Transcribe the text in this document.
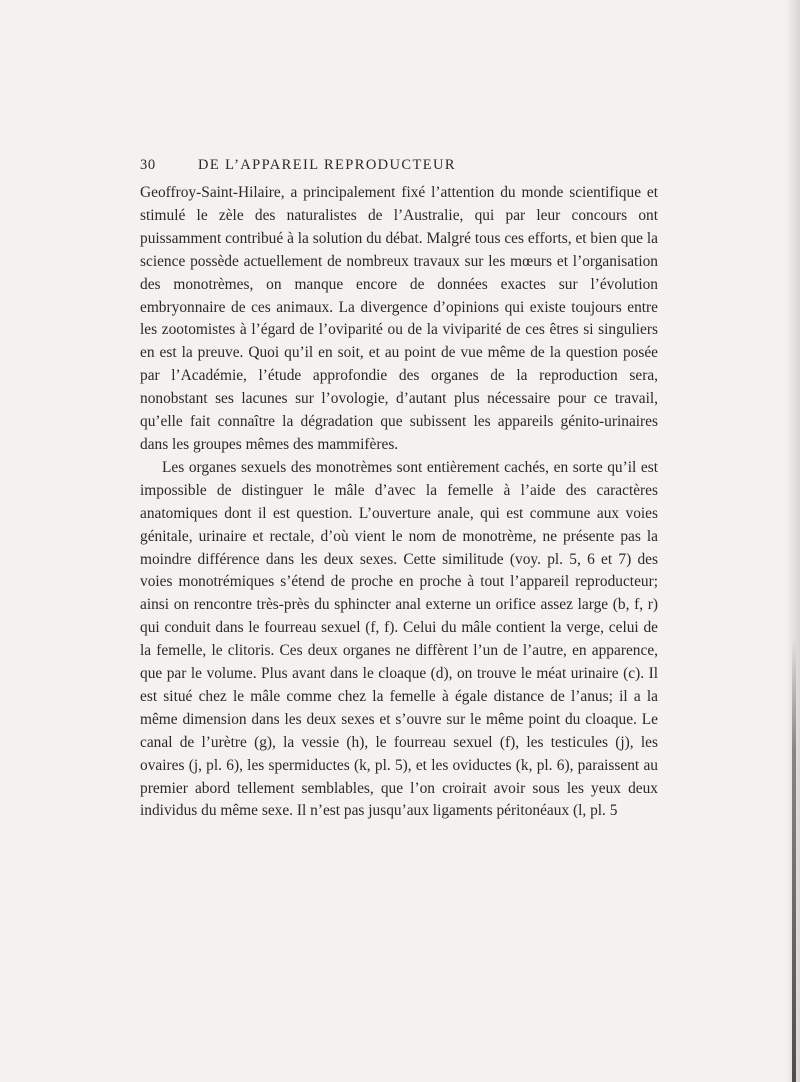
30	DE L’APPAREIL REPRODUCTEUR

Geoffroy-Saint-Hilaire, a principalement fixé l’attention du monde scientifique et stimulé le zèle des naturalistes de l’Australie, qui par leur concours ont puissamment contribué à la solution du débat. Malgré tous ces efforts, et bien que la science possède actuellement de nombreux travaux sur les mœurs et l’organisation des monotrèmes, on manque encore de données exactes sur l’évolution embryonnaire de ces animaux. La divergence d’opinions qui existe toujours entre les zootomistes à l’égard de l’oviparité ou de la viviparité de ces êtres si singuliers en est la preuve. Quoi qu’il en soit, et au point de vue même de la question posée par l’Académie, l’étude approfondie des organes de la reproduction sera, nonobstant ses lacunes sur l’ovologie, d’autant plus nécessaire pour ce travail, qu’elle fait connaître la dégradation que subissent les appareils génito-urinaires dans les groupes mêmes des mammifères.

Les organes sexuels des monotrèmes sont entièrement cachés, en sorte qu’il est impossible de distinguer le mâle d’avec la femelle à l’aide des caractères anatomiques dont il est question. L’ouverture anale, qui est commune aux voies génitale, urinaire et rectale, d’où vient le nom de monotrème, ne présente pas la moindre différence dans les deux sexes. Cette similitude (voy. pl. 5, 6 et 7) des voies monotrémiques s’étend de proche en proche à tout l’appareil reproducteur; ainsi on rencontre très-près du sphincter anal externe un orifice assez large (b, f, r) qui conduit dans le fourreau sexuel (f, f). Celui du mâle contient la verge, celui de la femelle, le clitoris. Ces deux organes ne diffèrent l’un de l’autre, en apparence, que par le volume. Plus avant dans le cloaque (d), on trouve le méat urinaire (c). Il est situé chez le mâle comme chez la femelle à égale distance de l’anus; il a la même dimension dans les deux sexes et s’ouvre sur le même point du cloaque. Le canal de l’urètre (g), la vessie (h), le fourreau sexuel (f), les testicules (j), les ovaires (j, pl. 6), les spermiductes (k, pl. 5), et les oviductes (k, pl. 6), paraissent au premier abord tellement semblables, que l’on croirait avoir sous les yeux deux individus du même sexe. Il n’est pas jusqu’aux ligaments péritonéaux (l, pl. 5
